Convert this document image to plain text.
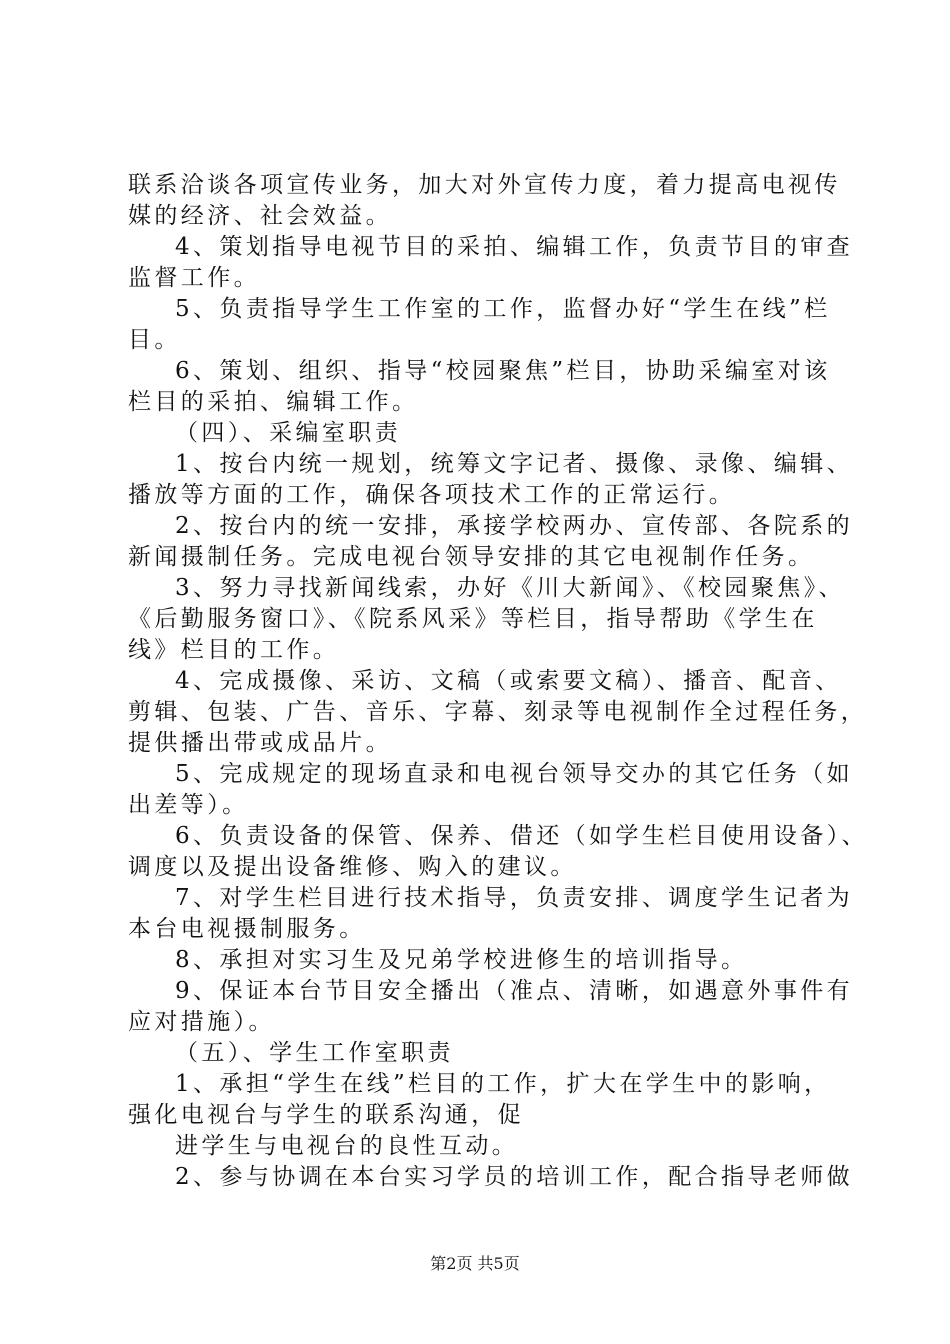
联系洽谈各项宣传业务，加大对外宣传力度，着力提高电视传
媒的经济、社会效益。
4、策划指导电视节目的采拍、编辑工作，负责节目的审查
监督工作。
5、负责指导学生工作室的工作，监督办好“学生在线”栏
目。
6、策划、组织、指导“校园聚焦”栏目，协助采编室对该
栏目的采拍、编辑工作。
（四）、采编室职责
1、按台内统一规划，统筹文字记者、摄像、录像、编辑、
播放等方面的工作，确保各项技术工作的正常运行。
2、按台内的统一安排，承接学校两办、宣传部、各院系的
新闻摄制任务。完成电视台领导安排的其它电视制作任务。
3、努力寻找新闻线索，办好《川大新闻》、《校园聚焦》、
《后勤服务窗口》、《院系风采》等栏目，指导帮助《学生在
线》栏目的工作。
4、完成摄像、采访、文稿（或索要文稿）、播音、配音、
剪辑、包装、广告、音乐、字幕、刻录等电视制作全过程任务，
提供播出带或成品片。
5、完成规定的现场直录和电视台领导交办的其它任务（如
出差等）。
6、负责设备的保管、保养、借还（如学生栏目使用设备）、
调度以及提出设备维修、购入的建议。
7、对学生栏目进行技术指导，负责安排、调度学生记者为
本台电视摄制服务。
8、承担对实习生及兄弟学校进修生的培训指导。
9、保证本台节目安全播出（准点、清晰，如遇意外事件有
应对措施）。
（五）、学生工作室职责
1、承担“学生在线”栏目的工作，扩大在学生中的影响，
强化电视台与学生的联系沟通，促
进学生与电视台的良性互动。
2、参与协调在本台实习学员的培训工作，配合指导老师做
第2页 共5页
